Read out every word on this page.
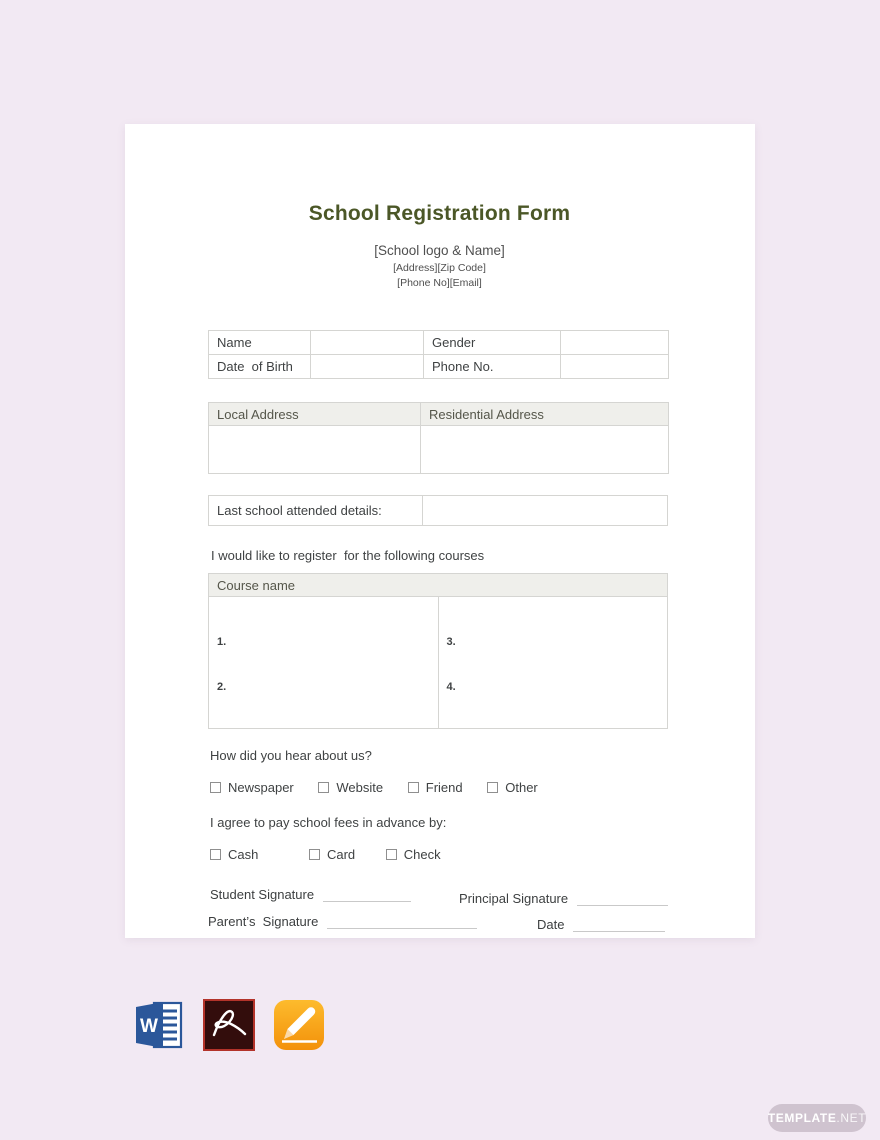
School Registration Form
[School logo & Name]
[Address][Zip Code]
[Phone No][Email]
Name		Gender	
Date  of Birth		Phone No.	
Local Address	Residential Address

Last school attended details:	
I would like to register  for the following courses
Course name

1.

2.

3.

4.

How did you hear about us?
Newspaper	Website	Friend	Other
I agree to pay school fees in advance by:
Cash	Card	Check
Student Signature	Principal Signature
Parent’s  Signature	Date
W
TEMPLATE .NET
